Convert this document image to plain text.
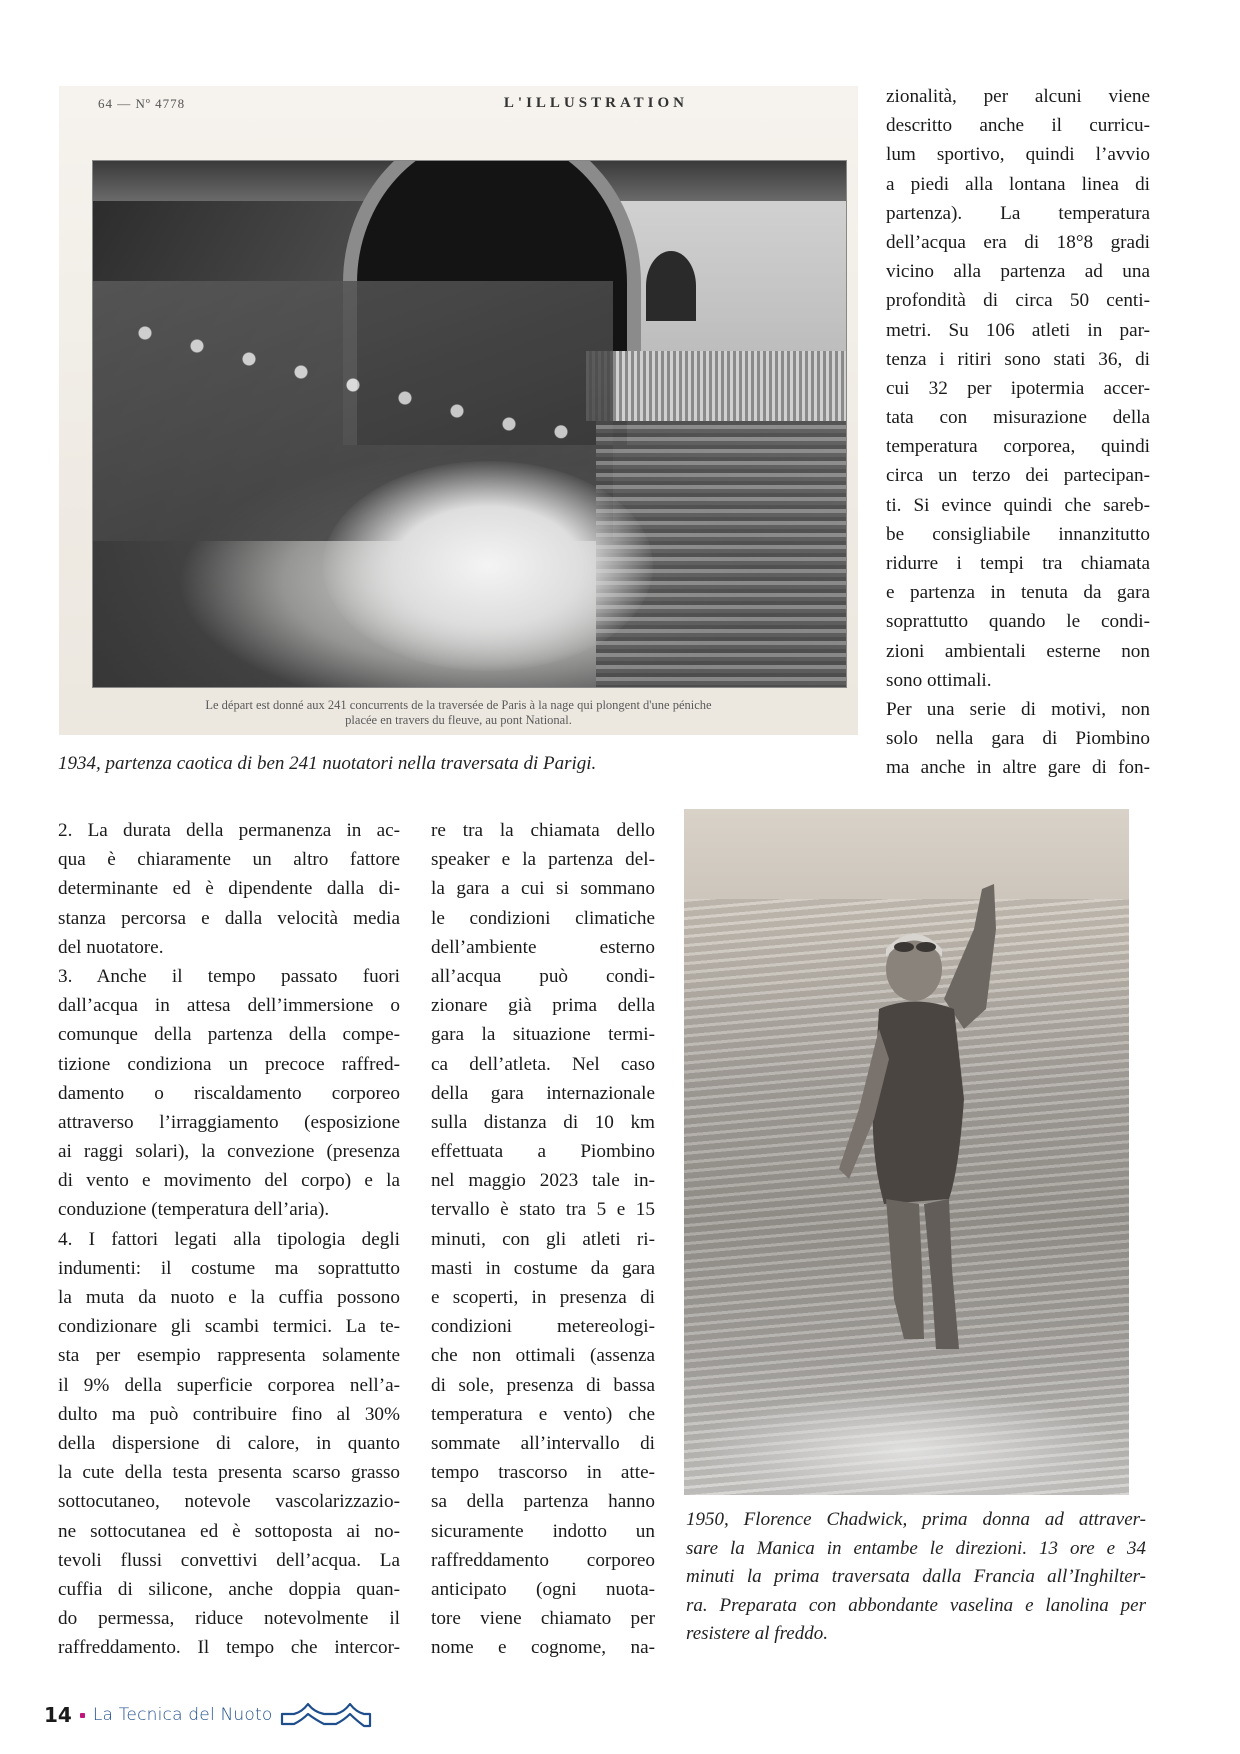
64 — Nº 4778	L'ILLUSTRATION
Le départ est donné aux 241 concurrents de la traversée de Paris à la nage qui plongent d'une péniche
placée en travers du fleuve, au pont National.
1934, partenza caotica di ben 241 nuotatori nella traversata di Parigi.
zionalità, per alcuni viene
descritto anche il curricu-
lum sportivo, quindi l’avvio
a piedi alla lontana linea di
partenza). La temperatura
dell’acqua era di 18°8 gradi
vicino alla partenza ad una
profondità di circa 50 centi-
metri. Su 106 atleti in par-
tenza i ritiri sono stati 36, di
cui 32 per ipotermia accer-
tata con misurazione della
temperatura corporea, quindi
circa un terzo dei partecipan-
ti. Si evince quindi che sareb-
be consigliabile innanzitutto
ridurre i tempi tra chiamata
e partenza in tenuta da gara
soprattutto quando le condi-
zioni ambientali esterne non
sono ottimali.
Per una serie di motivi, non
solo nella gara di Piombino
ma anche in altre gare di fon-
2. La durata della permanenza in ac-
qua è chiaramente un altro fattore
determinante ed è dipendente dalla di-
stanza percorsa e dalla velocità media
del nuotatore.
3. Anche il tempo passato fuori
dall’acqua in attesa dell’immersione o
comunque della partenza della compe-
tizione condiziona un precoce raffred-
damento o riscaldamento corporeo
attraverso l’irraggiamento (esposizione
ai raggi solari), la convezione (presenza
di vento e movimento del corpo) e la
conduzione (temperatura dell’aria).
4. I fattori legati alla tipologia degli
indumenti: il costume ma soprattutto
la muta da nuoto e la cuffia possono
condizionare gli scambi termici. La te-
sta per esempio rappresenta solamente
il 9% della superficie corporea nell’a-
dulto ma può contribuire fino al 30%
della dispersione di calore, in quanto
la cute della testa presenta scarso grasso
sottocutaneo, notevole vascolarizzazio-
ne sottocutanea ed è sottoposta ai no-
tevoli flussi convettivi dell’acqua. La
cuffia di silicone, anche doppia quan-
do permessa, riduce notevolmente il
raffreddamento. Il tempo che intercor-
re tra la chiamata dello
speaker e la partenza del-
la gara a cui si sommano
le condizioni climatiche
dell’ambiente esterno
all’acqua può condi-
zionare già prima della
gara la situazione termi-
ca dell’atleta. Nel caso
della gara internazionale
sulla distanza di 10 km
effettuata a Piombino
nel maggio 2023 tale in-
tervallo è stato tra 5 e 15
minuti, con gli atleti ri-
masti in costume da gara
e scoperti, in presenza di
condizioni metereologi-
che non ottimali (assenza
di sole, presenza di bassa
temperatura e vento) che
sommate all’intervallo di
tempo trascorso in atte-
sa della partenza hanno
sicuramente indotto un
raffreddamento corporeo
anticipato (ogni nuota-
tore viene chiamato per
nome e cognome, na-
1950, Florence Chadwick, prima donna ad attraver-
sare la Manica in entambe le direzioni. 13 ore e 34
minuti la prima traversata dalla Francia all’Inghilter-
ra. Preparata con abbondante vaselina e lanolina per
resistere al freddo.
14 La Tecnica del Nuoto
